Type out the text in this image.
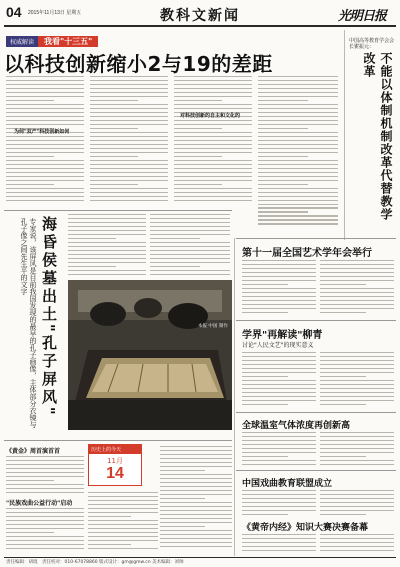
04 2015年11月13日 星期五	教科文新闻	光明日报
权威解读	我看"十三五"
以科技创新缩小2与19的差距
为何"双产"科技创新如何
对科技创新的自主和文化的
中国高等教育学会会长瞿振元：
不能以体制机制改革代替教学改革
第十一届全国艺术学年会举行
学界"再解读"柳青
讨论"人民文艺"的现实意义
全球温室气体浓度再创新高
海昏侯墓出土"孔子屏风"
专家说，该屏风是目前我国发现的最早的孔子画像，主体部分衣镜与孔子像之间先生平的文字
本报 中国 制作
《黄金》周首演首首
"民族戏曲公益行动"启动
历史上的今天
11月
14
中国戏曲教育联盟成立
《黄帝内经》知识大赛决赛备幕
责任编辑：胡琨　责任校对：010-67078860 版式设计：gm@gmw.cn 美术编辑：刘帅
